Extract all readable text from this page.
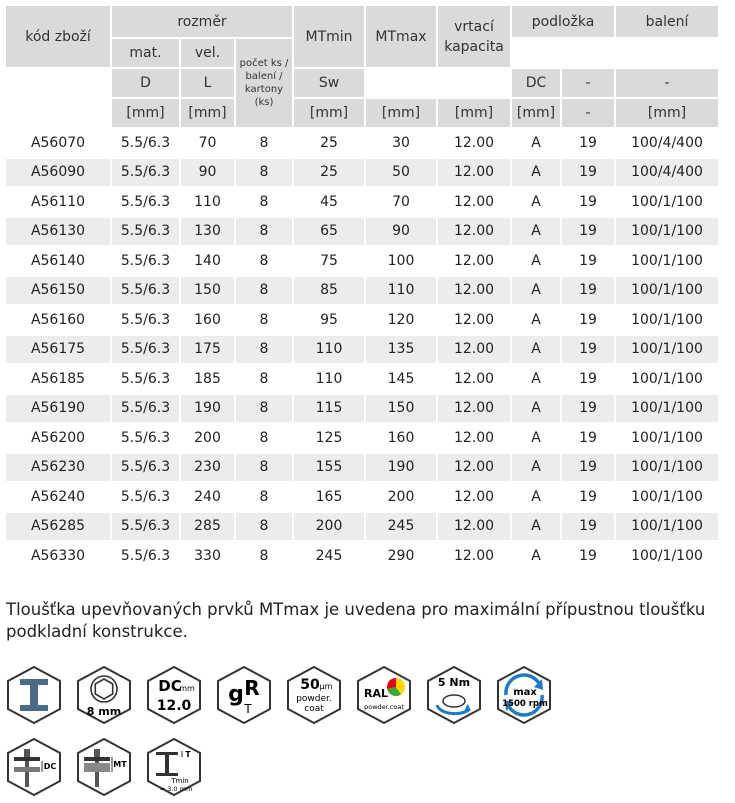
kód zboží	rozměr			MTmin	MTmax	vrtací kapacita	podložka		balení
	mat.	vel.	počet ks / balení / kartony (ks)						

	D	L		Sw			DC	-	-
	[mm]	[mm]		[mm]	[mm]	[mm]	[mm]	-	[mm]
A56070	5.5/6.3	70	8	25	30	12.00	A	19	100/4/400
A56090	5.5/6.3	90	8	25	50	12.00	A	19	100/4/400
A56110	5.5/6.3	110	8	45	70	12.00	A	19	100/1/100
A56130	5.5/6.3	130	8	65	90	12.00	A	19	100/1/100
A56140	5.5/6.3	140	8	75	100	12.00	A	19	100/1/100
A56150	5.5/6.3	150	8	85	110	12.00	A	19	100/1/100
A56160	5.5/6.3	160	8	95	120	12.00	A	19	100/1/100
A56175	5.5/6.3	175	8	110	135	12.00	A	19	100/1/100
A56185	5.5/6.3	185	8	110	145	12.00	A	19	100/1/100
A56190	5.5/6.3	190	8	115	150	12.00	A	19	100/1/100
A56200	5.5/6.3	200	8	125	160	12.00	A	19	100/1/100
A56230	5.5/6.3	230	8	155	190	12.00	A	19	100/1/100
A56240	5.5/6.3	240	8	165	200	12.00	A	19	100/1/100
A56285	5.5/6.3	285	8	200	245	12.00	A	19	100/1/100
A56330	5.5/6.3	330	8	245	290	12.00	A	19	100/1/100
Tloušťka upevňovaných prvků MTmax je uvedena pro maximální přípustnou tloušťku podkladní konstrukce.
8 mm
DC
mm
12.0 g R
T
50 µm
powder.
coat
RAL
powder.coat
5 Nm
max
1500 rpm
DC	MT
T
Tmin
= 3.0 mm
